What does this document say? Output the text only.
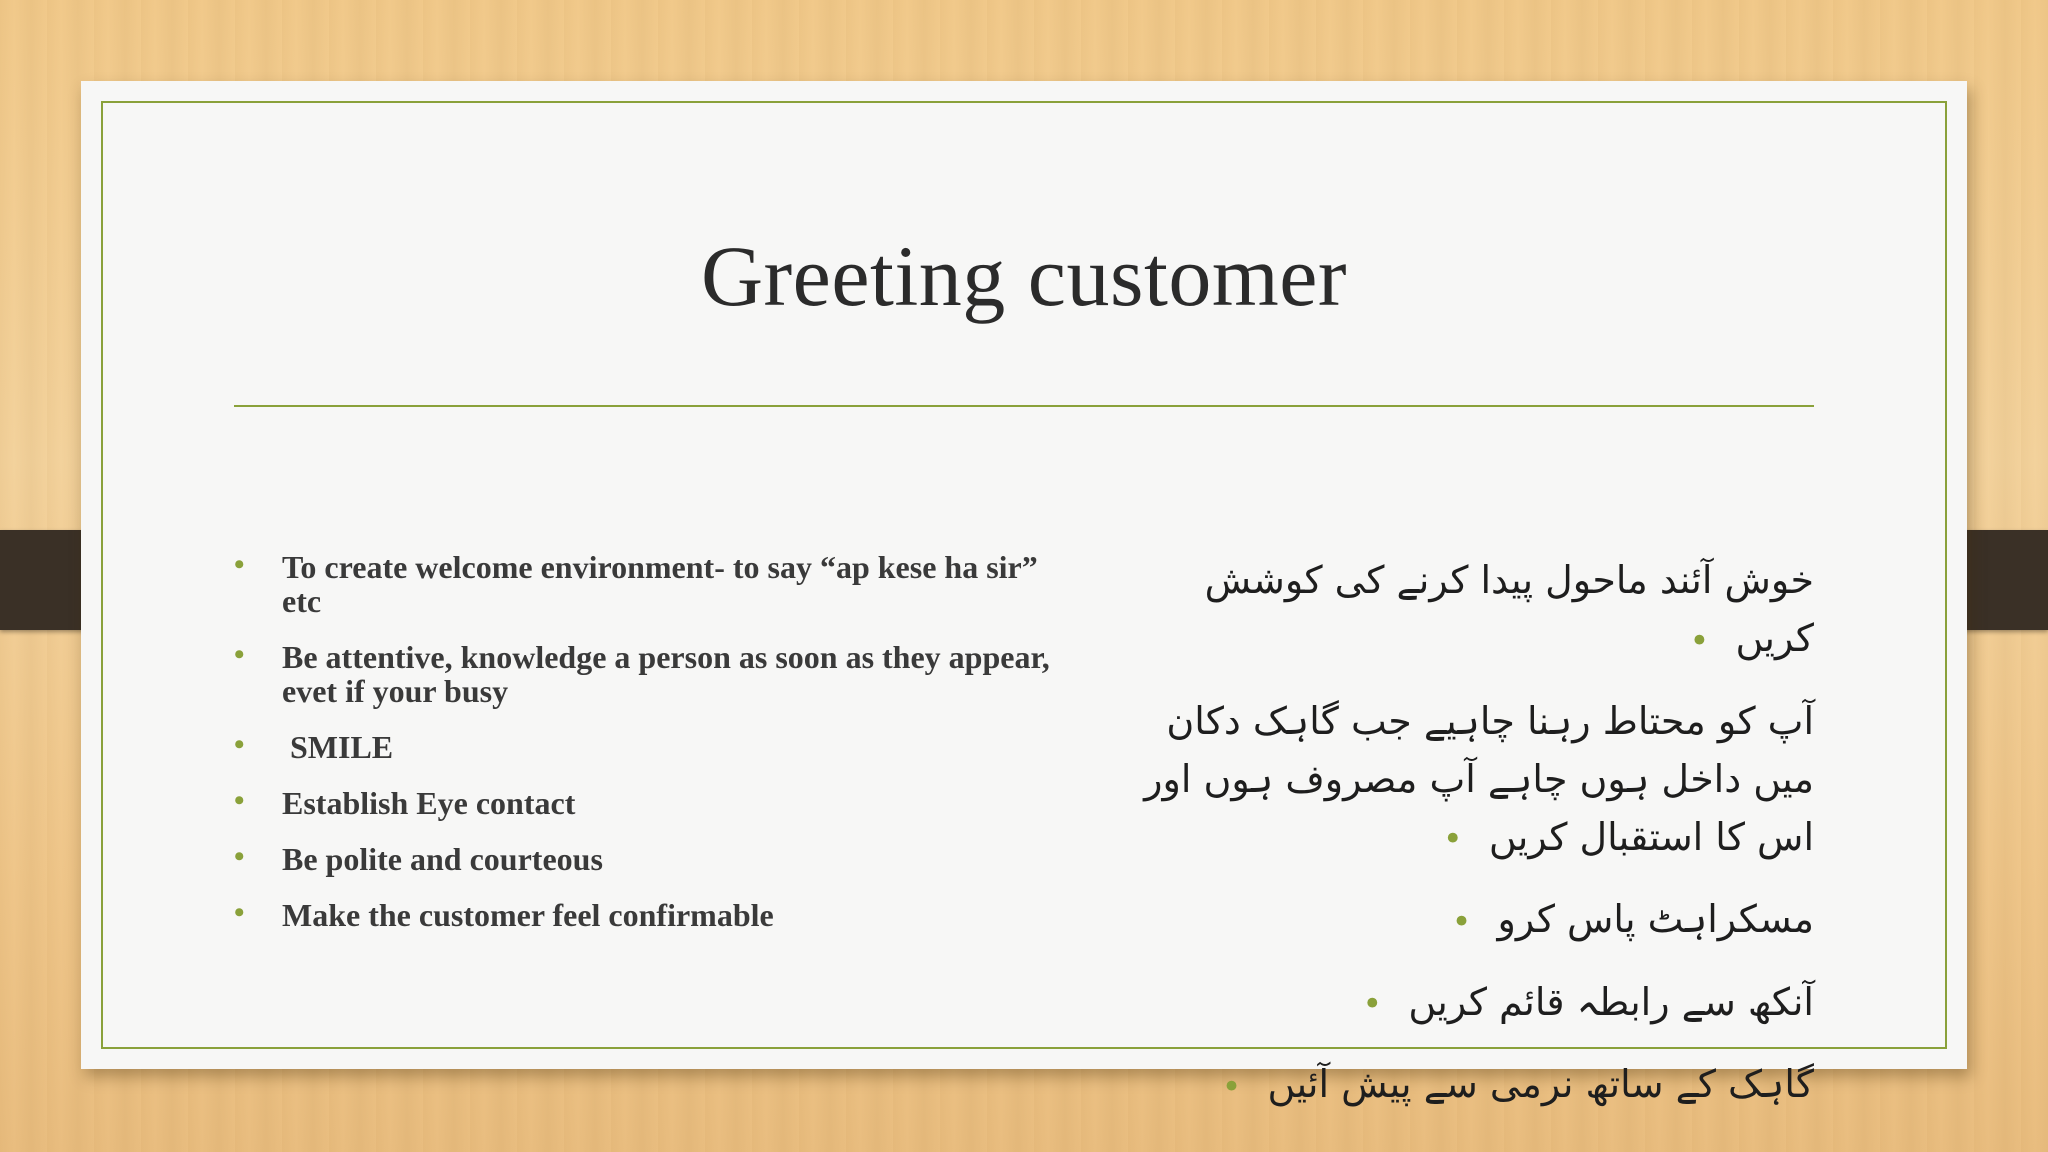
Greeting customer
• To create welcome environment- to say “ap kese ha sir” etc
• Be attentive, knowledge a person as soon as they appear, evet if your busy
• SMILE
• Establish Eye contact
• Be polite and courteous
• Make the customer feel confirmable
خوش آئند ماحول پیدا کرنے کی کوشش کریں•
آپ کو محتاط رہنا چاہیے جب گاہک دکان میں داخل ہوں چاہے آپ مصروف ہوں اور اس کا استقبال کریں•
مسکراہٹ پاس کرو•
آنکھ سے رابطہ قائم کریں•
گاہک کے ساتھ نرمی سے پیش آئیں•
